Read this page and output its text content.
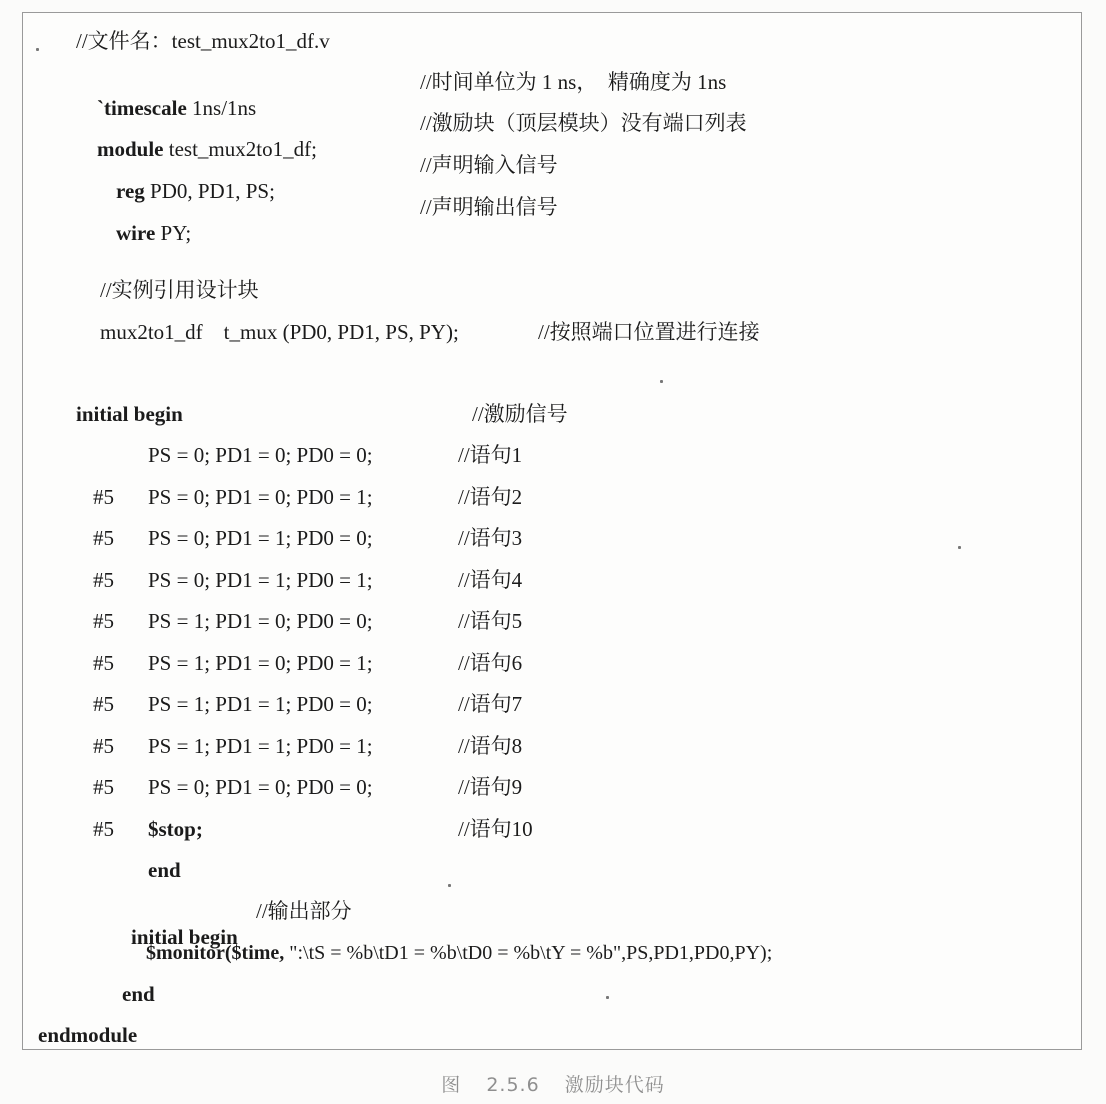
//文件名：test_mux2to1_df.v

`timescale 1ns/1ns

//时间单位为 1 ns，  精确度为 1ns

module test_mux2to1_df;

//激励块（顶层模块）没有端口列表

reg PD0, PD1, PS;

//声明输入信号

wire PY;

//声明输出信号
//实例引用设计块
mux2to1_df    t_mux (PD0, PD1, PS, PY);	//按照端口位置进行连接
initial begin	//激励信号
PS = 0; PD1 = 0; PD0 = 0;	//语句1
#5 PS = 0; PD1 = 0; PD0 = 1;	//语句2
#5 PS = 0; PD1 = 1; PD0 = 0;	//语句3
#5 PS = 0; PD1 = 1; PD0 = 1;	//语句4
#5 PS = 1; PD1 = 0; PD0 = 0;	//语句5
#5 PS = 1; PD1 = 0; PD0 = 1;	//语句6
#5 PS = 1; PD1 = 1; PD0 = 0;	//语句7
#5 PS = 1; PD1 = 1; PD0 = 1;	//语句8
#5 PS = 0; PD1 = 0; PD0 = 0;	//语句9
#5 $stop;	//语句10
end

initial begin

//输出部分
$monitor($time, ":\tS = %b\tD1 = %b\tD0 = %b\tY = %b",PS,PD1,PD0,PY);
end
endmodule
图 2.5.6 激励块代码
